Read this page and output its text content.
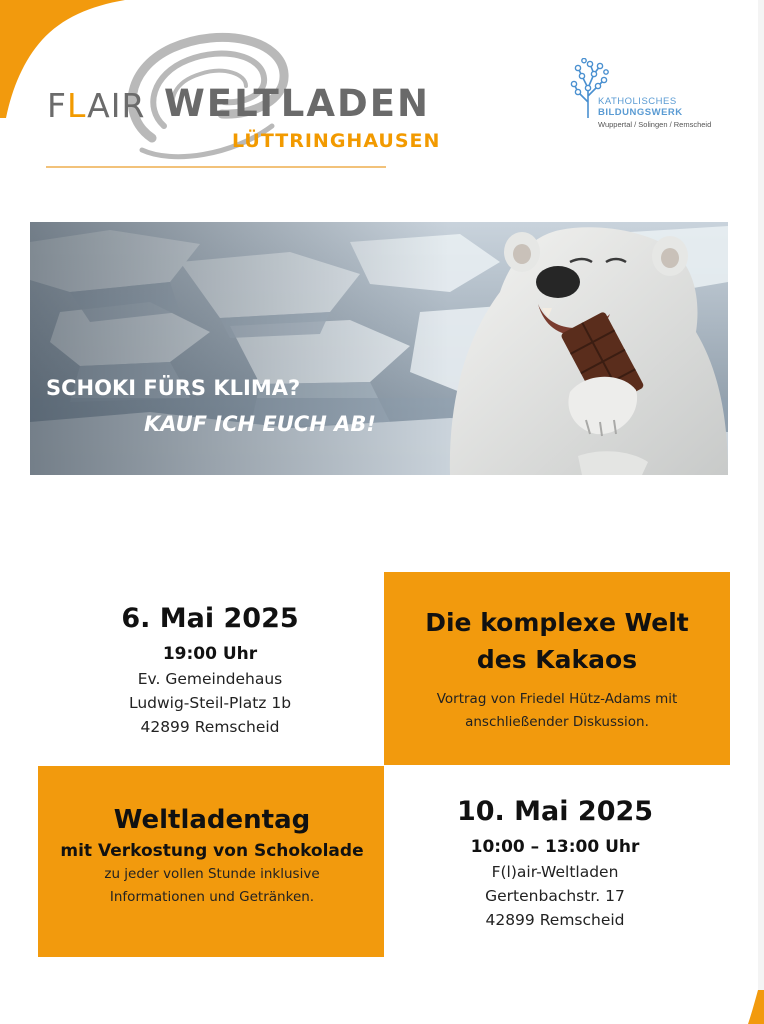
FLAIR WELTLADEN
LÜTTRINGHAUSEN
KATHOLISCHES
BILDUNGSWERK
Wuppertal / Solingen / Remscheid
SCHOKI FÜRS KLIMA?
KAUF ICH EUCH AB!
6. Mai 2025
19:00 Uhr
Ev. Gemeindehaus
Ludwig-Steil-Platz 1b
42899 Remscheid
Die komplexe Welt
des Kakaos
Vortrag von Friedel Hütz-Adams mit
anschließender Diskussion.
Weltladentag
mit Verkostung von Schokolade
zu jeder vollen Stunde inklusive
Informationen und Getränken.
10. Mai 2025
10:00 – 13:00 Uhr
F(l)air-Weltladen
Gertenbachstr. 17
42899 Remscheid
